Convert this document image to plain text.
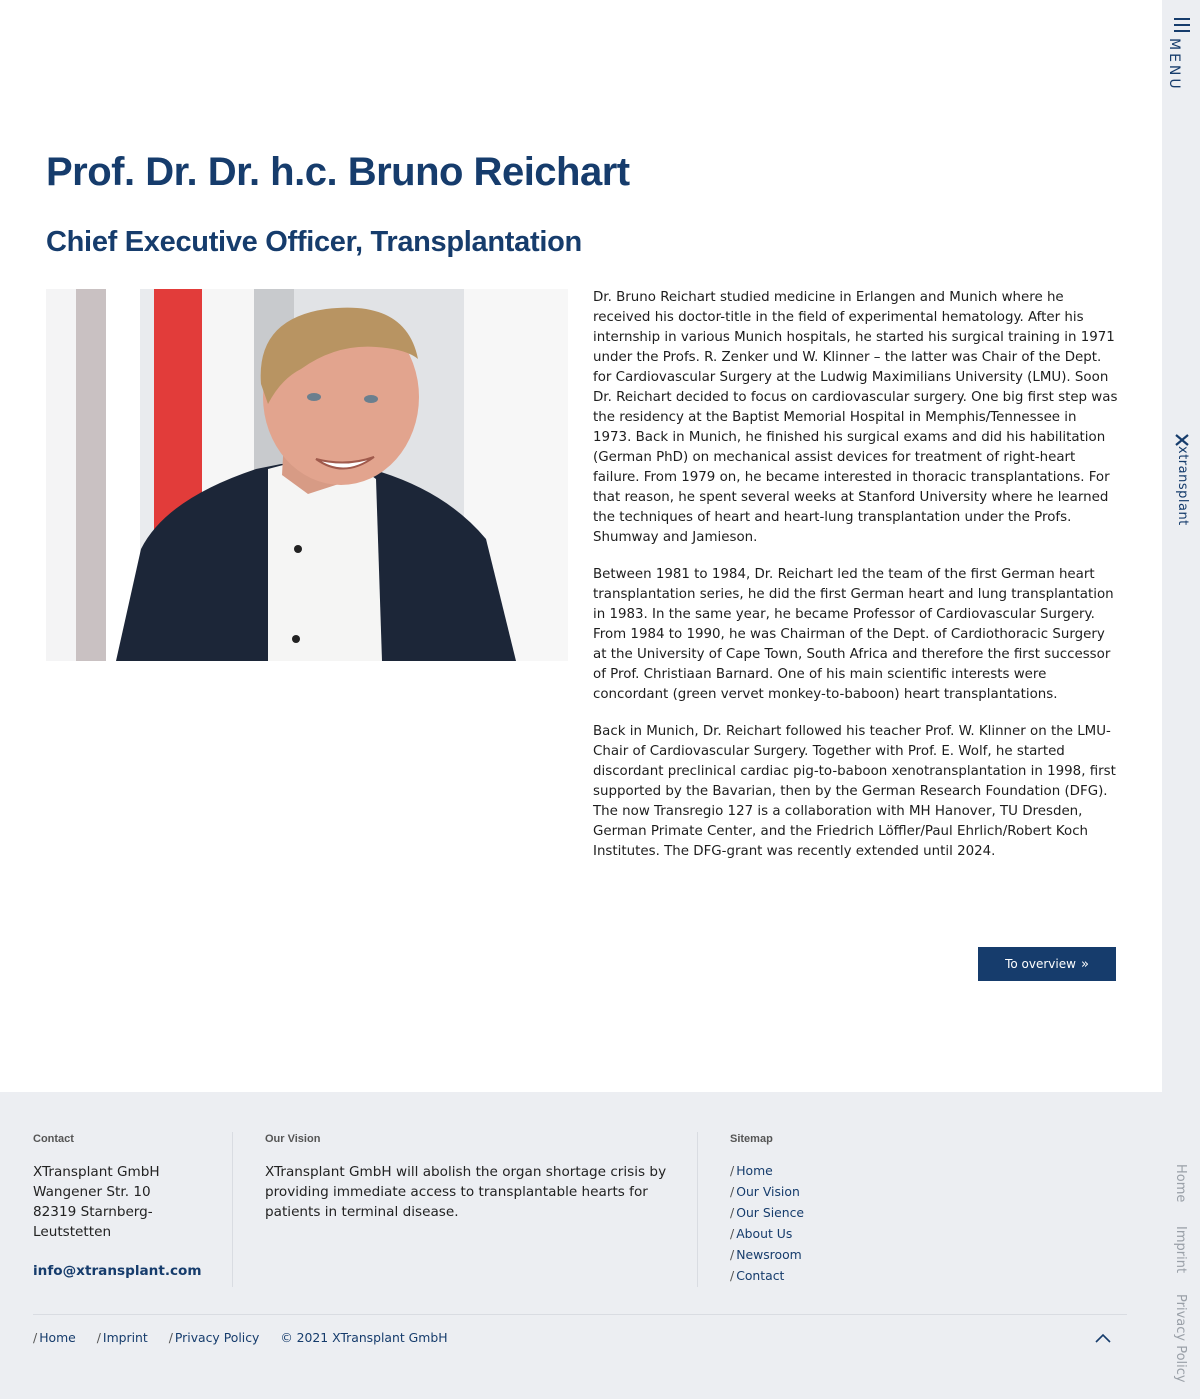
MENU
xtransplant
Home
Imprint
Privacy Policy
Prof. Dr. Dr. h.c. Bruno Reichart
Chief Executive Officer, Transplantation

Dr. Bruno Reichart studied medicine in Erlangen and Munich where he received his doctor-title in the field of experimental hematology. After his internship in various Munich hospitals, he started his surgical training in 1971 under the Profs. R. Zenker und W. Klinner – the latter was Chair of the Dept. for Cardiovascular Surgery at the Ludwig Maximilians University (LMU). Soon Dr. Reichart decided to focus on cardiovascular surgery. One big first step was the residency at the Baptist Memorial Hospital in Memphis/Tennessee in 1973. Back in Munich, he finished his surgical exams and did his habilitation (German PhD) on mechanical assist devices for treatment of right-heart failure. From 1979 on, he became interested in thoracic transplantations. For that reason, he spent several weeks at Stanford University where he learned the techniques of heart and heart-lung transplantation under the Profs. Shumway and Jamieson.

Between 1981 to 1984, Dr. Reichart led the team of the first German heart transplantation series, he did the first German heart and lung transplantation in 1983. In the same year, he became Professor of Cardiovascular Surgery. From 1984 to 1990, he was Chairman of the Dept. of Cardiothoracic Surgery at the University of Cape Town, South Africa and therefore the first successor of Prof. Christiaan Barnard. One of his main scientific interests were concordant (green vervet monkey-to-baboon) heart transplantations.

Back in Munich, Dr. Reichart followed his teacher Prof. W. Klinner on the LMU-Chair of Cardiovascular Surgery. Together with Prof. E. Wolf, he started discordant preclinical cardiac pig-to-baboon xenotransplantation in 1998, first supported by the Bavarian, then by the German Research Foundation (DFG). The now Transregio 127 is a collaboration with MH Hanover, TU Dresden, German Primate Center, and the Friedrich Löffler/Paul Ehrlich/Robert Koch Institutes. The DFG-grant was recently extended until 2024.

To overview »
Contact
XTransplant GmbH
Wangener Str. 10
82319 Starnberg-
Leutstetten
info@xtransplant.com
Our Vision
XTransplant GmbH will abolish the organ shortage crisis by providing immediate access to transplantable hearts for patients in terminal disease.
Sitemap
/ Home
/ Our Vision
/ Our Sience
/ About Us
/ Newsroom
/ Contact
/ Home / Imprint / Privacy Policy © 2021 XTransplant GmbH
